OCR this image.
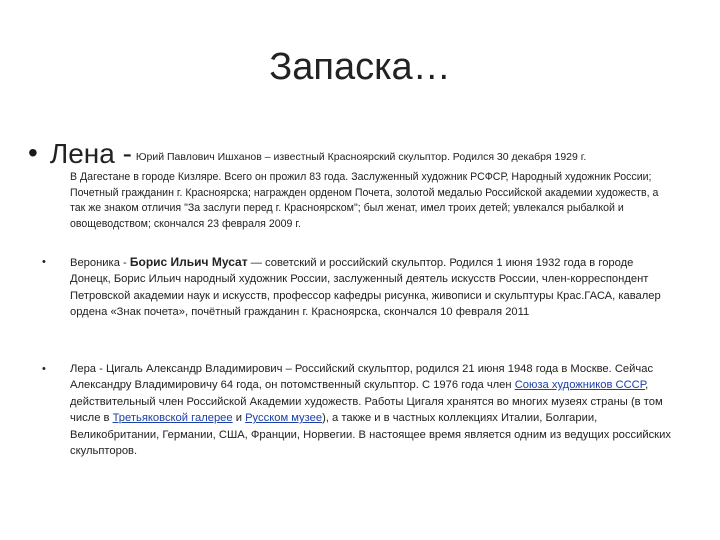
Запаска…
• Лена - Юрий Павлович Ишханов – известный Красноярский скульптор. Родился 30 декабря 1929 г.
В Дагестане в городе Кизляре. Всего он прожил 83 года. Заслуженный художник РСФСР, Народный художник России; Почетный гражданин г. Красноярска; награжден орденом Почета, золотой медалью Российской академии художеств, а так же знаком отличия "За заслуги перед г. Красноярском"; был женат, имел троих детей; увлекался рыбалкой и овощеводством; скончался 23 февраля 2009 г.
• Вероника - Борис Ильич Мусат — советский и российский скульптор. Родился 1 июня 1932 года в городе Донецк, Борис Ильич народный художник России, заслуженный деятель искусств России, член-корреспондент Петровской академии наук и искусств, профессор кафедры рисунка, живописи и скульптуры Крас.ГАСА, кавалер ордена «Знак почета», почётный гражданин г. Красноярска, скончался 10 февраля 2011
• Лера - Цигаль Александр Владимирович – Российский скульптор, родился 21 июня 1948 года в Москве. Сейчас Александру Владимировичу 64 года, он потомственный скульптор. С 1976 года член Союза художников СССР, действительный член Российской Академии художеств. Работы Цигаля хранятся во многих музеях страны (в том числе в Третьяковской галерее и Русском музее), а также и в частных коллекциях Италии, Болгарии, Великобритании, Германии, США, Франции, Норвегии. В настоящее время является одним из ведущих российских скульпторов.
